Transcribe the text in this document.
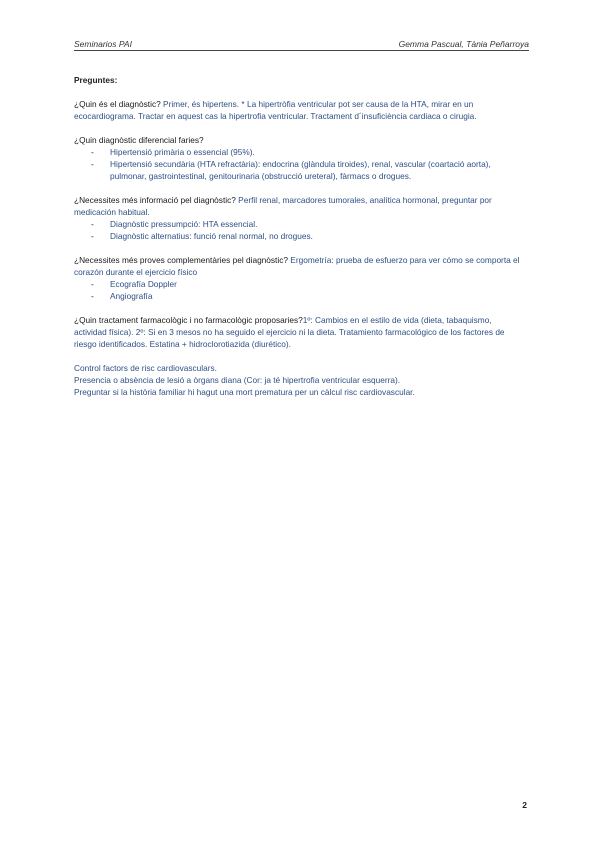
Seminarios PAI	Gemma Pascual, Tània Peñarroya

Preguntes:

¿Quin és el diagnòstic? Primer, és hipertens. * La hipertròfia ventricular pot ser causa de la HTA, mirar en un ecocardiograma. Tractar en aquest cas la hipertrofia ventricular. Tractament d´insuficiència cardiaca o cirugia.

¿Quin diagnòstic diferencial faries?

- Hipertensió primària o essencial (95%).
- Hipertensió secundària (HTA refractària): endocrina (glàndula tiroides), renal, vascular (coartació aorta), pulmonar, gastrointestinal, genitourinaria (obstrucció ureteral), fàrmacs o drogues.

¿Necessites més informació pel diagnòstic? Perfil renal, marcadores tumorales, analítica hormonal, preguntar por medicación habitual.

- Diagnòstic pressumpció: HTA essencial.
- Diagnòstic alternatius: funció renal normal, no drogues.

¿Necessites més proves complementàries pel diagnòstic? Ergometría: prueba de esfuerzo para ver cómo se comporta el corazón durante el ejercicio físico

- Ecografía Doppler
- Angiografía

¿Quin tractament farmacològic i no farmacològic proposaries?1º: Cambios en el estilo de vida (dieta, tabaquismo, actividad física). 2º: Si en 3 mesos no ha seguido el ejercicio ni la dieta. Tratamiento farmacológico de los factores de riesgo identificados. Estatina + hidroclorotiazida (diurético).

Control factors de risc cardiovasculars.

Presencia o absència de lesió a òrgans diana (Cor: ja té hipertrofia ventricular esquerra).

Preguntar si la història familiar hi hagut una mort prematura per un càlcul risc cardiovascular.

2
